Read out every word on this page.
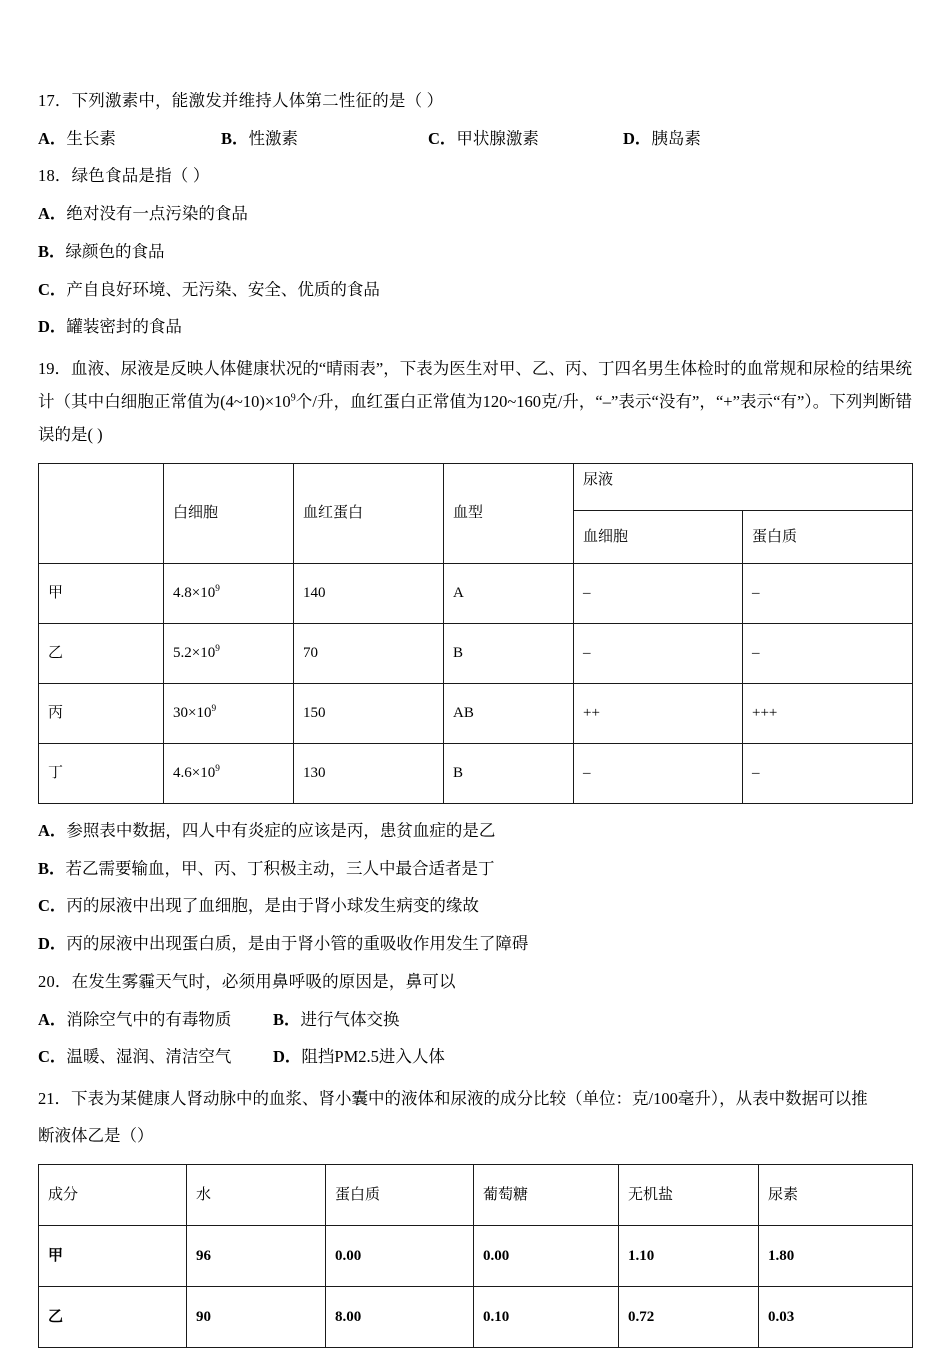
17．下列激素中，能激发并维持人体第二性征的是（ ）
A．生长素	B．性激素	C．甲状腺激素	D．胰岛素
18．绿色食品是指（ ）
A．绝对没有一点污染的食品
B．绿颜色的食品
C．产自良好环境、无污染、安全、优质的食品
D．罐装密封的食品
19．血液、尿液是反映人体健康状况的“晴雨表”，下表为医生对甲、乙、丙、丁四名男生体检时的血常规和尿检的结果统计（其中白细胞正常值为$(4\sim 10)\times 10^9$个/升，血红蛋白正常值为120~160克/升，“–”表示“没有”，“+”表示“有”）。下列判断错误的是( )
	白细胞	血红蛋白	血型	尿液	
				血细胞	蛋白质
甲	$4.8\times 10^9$	140	A	–	–
乙	$5.2\times 10^9$	70	B	–	–
丙	$30\times 10^9$	150	AB	++	+++
丁	$4.6\times 10^9$	130	B	–	–
A．参照表中数据，四人中有炎症的应该是丙，患贫血症的是乙
B．若乙需要输血，甲、丙、丁积极主动，三人中最合适者是丁
C．丙的尿液中出现了血细胞，是由于肾小球发生病变的缘故
D．丙的尿液中出现蛋白质，是由于肾小管的重吸收作用发生了障碍
20．在发生雾霾天气时，必须用鼻呼吸的原因是，鼻可以
A．消除空气中的有毒物质	B．进行气体交换
C．温暖、湿润、清洁空气	D．阻挡PM2.5进入人体
21．下表为某健康人肾动脉中的血浆、肾小囊中的液体和尿液的成分比较（单位：克/100毫升），从表中数据可以推
断液体乙是（）
成分	水	蛋白质	葡萄糖	无机盐	尿素
甲	96	0.00	0.00	1.10	1.80
乙	90	8.00	0.10	0.72	0.03
